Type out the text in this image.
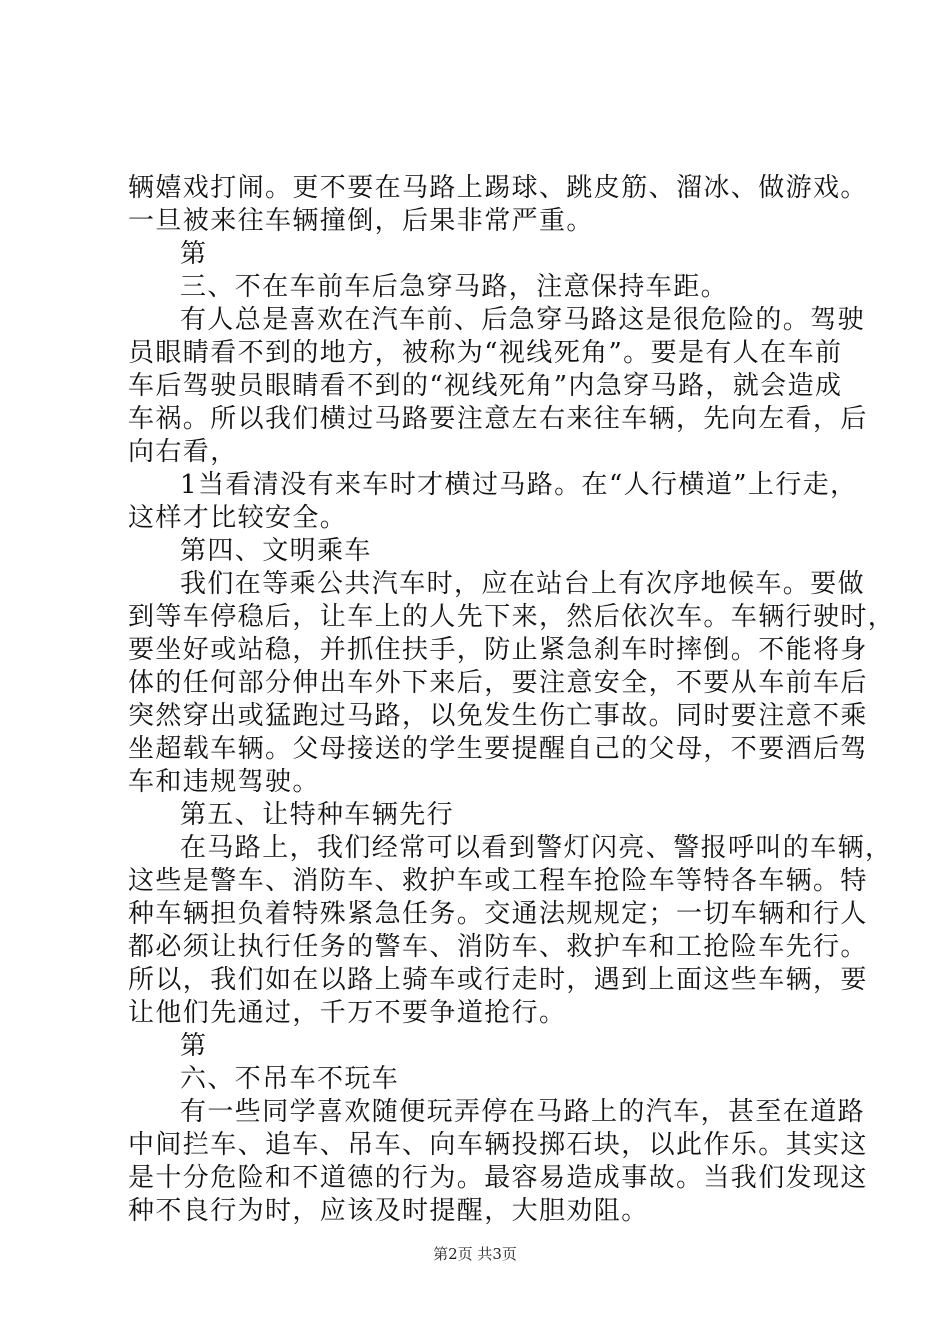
辆嬉戏打闹。更不要在马路上踢球、跳皮筋、溜冰、做游戏。
一旦被来往车辆撞倒，后果非常严重。
第
三、不在车前车后急穿马路，注意保持车距。
有人总是喜欢在汽车前、后急穿马路这是很危险的。驾驶
员眼睛看不到的地方，被称为“视线死角”。要是有人在车前
车后驾驶员眼睛看不到的“视线死角”内急穿马路，就会造成
车祸。所以我们横过马路要注意左右来往车辆，先向左看，后
向右看，
1当看清没有来车时才横过马路。在“人行横道”上行走，
这样才比较安全。
第四、文明乘车
我们在等乘公共汽车时，应在站台上有次序地候车。要做
到等车停稳后，让车上的人先下来，然后依次车。车辆行驶时，
要坐好或站稳，并抓住扶手，防止紧急刹车时摔倒。不能将身
体的任何部分伸出车外下来后，要注意安全，不要从车前车后
突然穿出或猛跑过马路，以免发生伤亡事故。同时要注意不乘
坐超载车辆。父母接送的学生要提醒自己的父母，不要酒后驾
车和违规驾驶。
第五、让特种车辆先行
在马路上，我们经常可以看到警灯闪亮、警报呼叫的车辆，
这些是警车、消防车、救护车或工程车抢险车等特各车辆。特
种车辆担负着特殊紧急任务。交通法规规定；一切车辆和行人
都必须让执行任务的警车、消防车、救护车和工抢险车先行。
所以，我们如在以路上骑车或行走时，遇到上面这些车辆，要
让他们先通过，千万不要争道抢行。
第
六、不吊车不玩车
有一些同学喜欢随便玩弄停在马路上的汽车，甚至在道路
中间拦车、追车、吊车、向车辆投掷石块，以此作乐。其实这
是十分危险和不道德的行为。最容易造成事故。当我们发现这
种不良行为时，应该及时提醒，大胆劝阻。
第2页 共3页
